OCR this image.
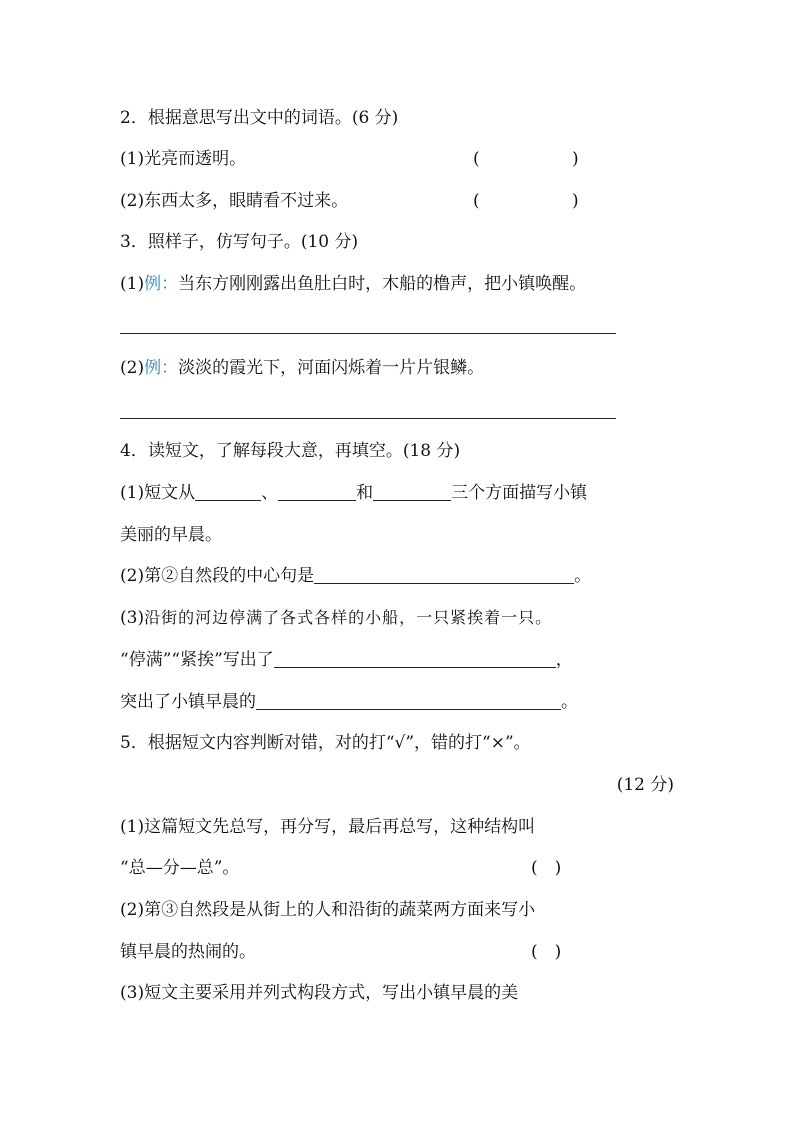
2．根据意思写出文中的词语。(6 分)
(1)光亮而透明。	(	)
(2)东西太多，眼睛看不过来。	(	)
3．照样子，仿写句子。(10 分)
(1)例：当东方刚刚露出鱼肚白时，木船的橹声，把小镇唤醒。
(2)例：淡淡的霞光下，河面闪烁着一片片银鳞。
4．读短文，了解每段大意，再填空。(18 分)
(1)短文从	、	和	三个方面描写小镇
美丽的早晨。
(2)第②自然段的中心句是	。
(3)沿街的河边停满了各式各样的小船，一只紧挨着一只。
“停满”“紧挨”写出了	，
突出了小镇早晨的	。
5．根据短文内容判断对错，对的打“√”，错的打“×”。
(12 分)
(1)这篇短文先总写，再分写，最后再总写，这种结构叫
“总—分—总”。	(　)
(2)第③自然段是从街上的人和沿街的蔬菜两方面来写小
镇早晨的热闹的。	(　)
(3)短文主要采用并列式构段方式，写出小镇早晨的美
